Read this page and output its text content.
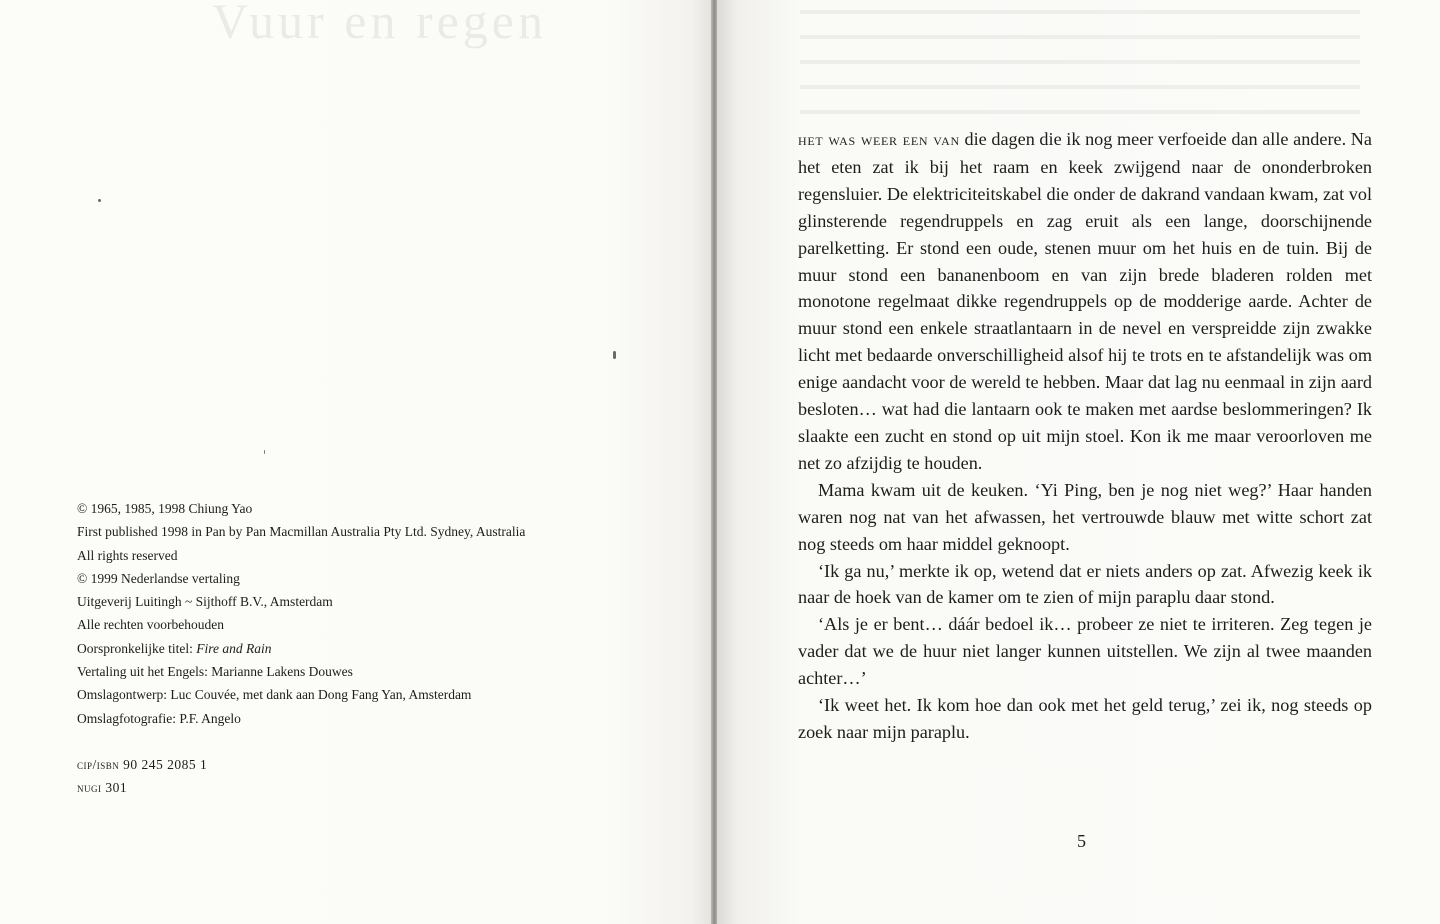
Vuur en regen
© 1965, 1985, 1998 Chiung Yao
First published 1998 in Pan by Pan Macmillan Australia Pty Ltd. Sydney, Australia
All rights reserved
© 1999 Nederlandse vertaling
Uitgeverij Luitingh ~ Sijthoff B.V., Amsterdam
Alle rechten voorbehouden
Oorspronkelijke titel: Fire and Rain
Vertaling uit het Engels: Marianne Lakens Douwes
Omslagontwerp: Luc Couvée, met dank aan Dong Fang Yan, Amsterdam
Omslagfotografie: P.F. Angelo
cip/isbn 90 245 2085 1
nugi 301

het was weer een van die dagen die ik nog meer verfoeide dan alle andere. Na het eten zat ik bij het raam en keek zwijgend naar de ononderbroken regensluier. De elektriciteitskabel die onder de dakrand vandaan kwam, zat vol glinsterende regendruppels en zag eruit als een lange, doorschijnende parelketting. Er stond een oude, stenen muur om het huis en de tuin. Bij de muur stond een bananenboom en van zijn brede bladeren rolden met monotone regelmaat dikke regendruppels op de modderige aarde. Achter de muur stond een enkele straatlantaarn in de nevel en verspreidde zijn zwakke licht met bedaarde onverschilligheid alsof hij te trots en te afstandelijk was om enige aandacht voor de wereld te hebben. Maar dat lag nu eenmaal in zijn aard besloten… wat had die lantaarn ook te maken met aardse beslommeringen? Ik slaakte een zucht en stond op uit mijn stoel. Kon ik me maar veroorloven me net zo afzijdig te houden.

Mama kwam uit de keuken. ‘Yi Ping, ben je nog niet weg?’ Haar handen waren nog nat van het afwassen, het vertrouwde blauw met witte schort zat nog steeds om haar middel geknoopt.

‘Ik ga nu,’ merkte ik op, wetend dat er niets anders op zat. Afwezig keek ik naar de hoek van de kamer om te zien of mijn paraplu daar stond.

‘Als je er bent… dáár bedoel ik… probeer ze niet te irriteren. Zeg tegen je vader dat we de huur niet langer kunnen uitstellen. We zijn al twee maanden achter…’

‘Ik weet het. Ik kom hoe dan ook met het geld terug,’ zei ik, nog steeds op zoek naar mijn paraplu.

5
